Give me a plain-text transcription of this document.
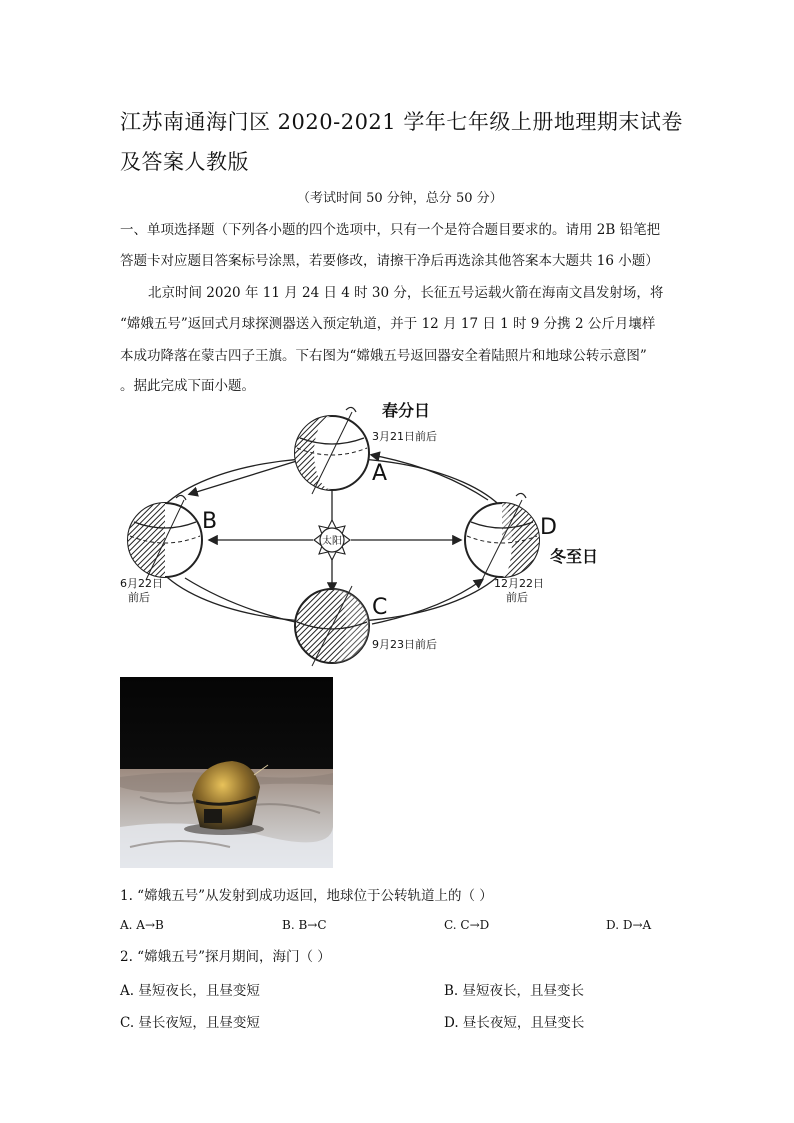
江苏南通海门区 2020-2021 学年七年级上册地理期末试卷
及答案人教版
（考试时间 50 分钟，总分 50 分）
一、单项选择题（下列各小题的四个选项中，只有一个是符合题目要求的。请用 2B 铅笔把
答题卡对应题目答案标号涂黑，若要修改，请擦干净后再选涂其他答案本大题共 16 小题）
北京时间 2020 年 11 月 24 日 4 时 30 分，长征五号运载火箭在海南文昌发射场，将
“嫦娥五号”返回式月球探测器送入预定轨道，并于 12 月 17 日 1 时 9 分携 2 公斤月壤样
本成功降落在蒙古四子王旗。下右图为“嫦娥五号返回器安全着陆照片和地球公转示意图”
。据此完成下面小题。
太阳
A
春分日
3月21日前后
B
6月22日
前后	C
9月23日前后
D
冬至日
12月22日
前后
1. “嫦娥五号”从发射到成功返回，地球位于公转轨道上的（ ）
A. A→B	B. B→C	C. C→D	D. D→A
2. “嫦娥五号”探月期间，海门（ ）
A. 昼短夜长，且昼变短	B. 昼短夜长，且昼变长
C. 昼长夜短，且昼变短	D. 昼长夜短，且昼变长
